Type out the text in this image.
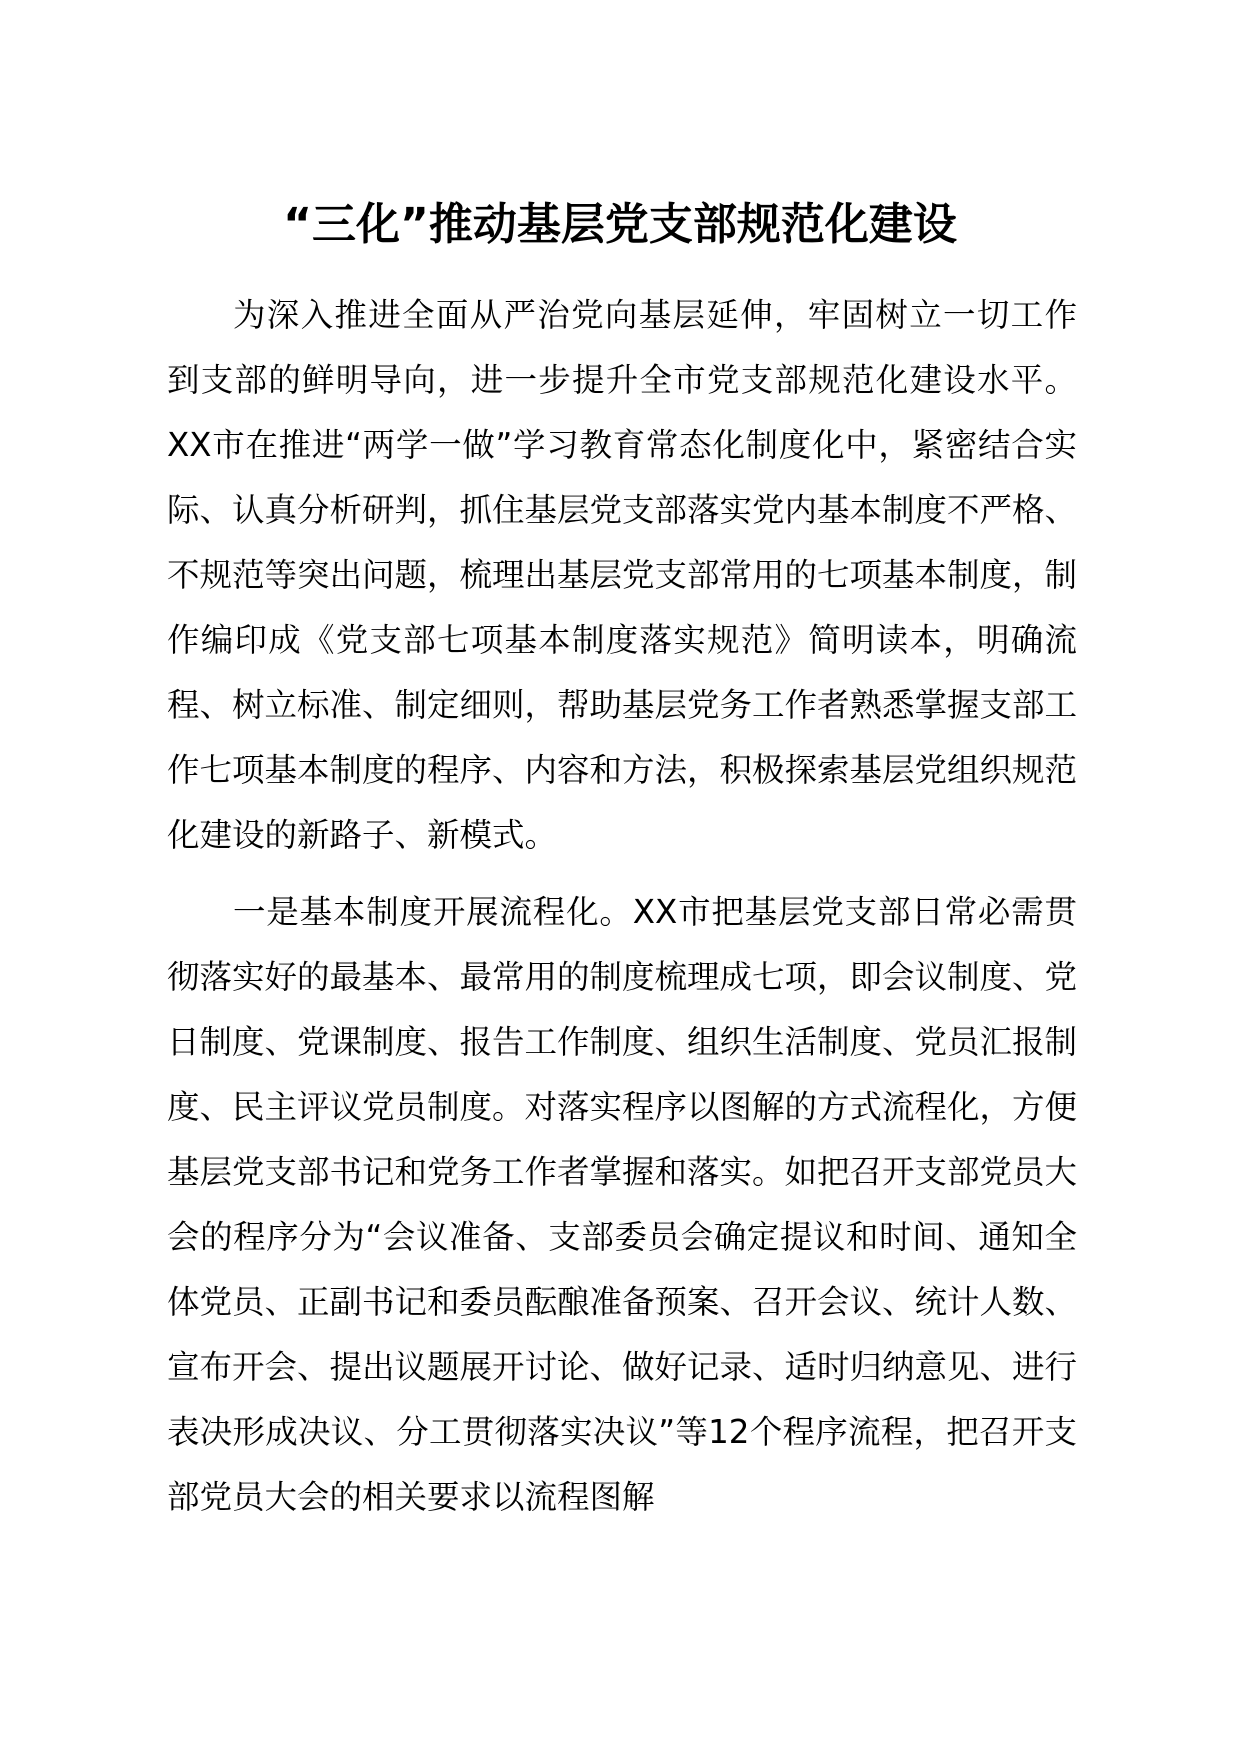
“三化”推动基层党支部规范化建设

为深入推进全面从严治党向基层延伸，牢固树立一切工作到支部的鲜明导向，进一步提升全市党支部规范化建设水平。XX市在推进“两学一做”学习教育常态化制度化中，紧密结合实际、认真分析研判，抓住基层党支部落实党内基本制度不严格、不规范等突出问题，梳理出基层党支部常用的七项基本制度，制作编印成《党支部七项基本制度落实规范》简明读本，明确流程、树立标准、制定细则，帮助基层党务工作者熟悉掌握支部工作七项基本制度的程序、内容和方法，积极探索基层党组织规范化建设的新路子、新模式。

一是基本制度开展流程化。XX市把基层党支部日常必需贯彻落实好的最基本、最常用的制度梳理成七项，即会议制度、党日制度、党课制度、报告工作制度、组织生活制度、党员汇报制度、民主评议党员制度。对落实程序以图解的方式流程化，方便基层党支部书记和党务工作者掌握和落实。如把召开支部党员大会的程序分为“会议准备、支部委员会确定提议和时间、通知全体党员、正副书记和委员酝酿准备预案、召开会议、统计人数、宣布开会、提出议题展开讨论、做好记录、适时归纳意见、进行表决形成决议、分工贯彻落实决议”等12个程序流程，把召开支部党员大会的相关要求以流程图解
